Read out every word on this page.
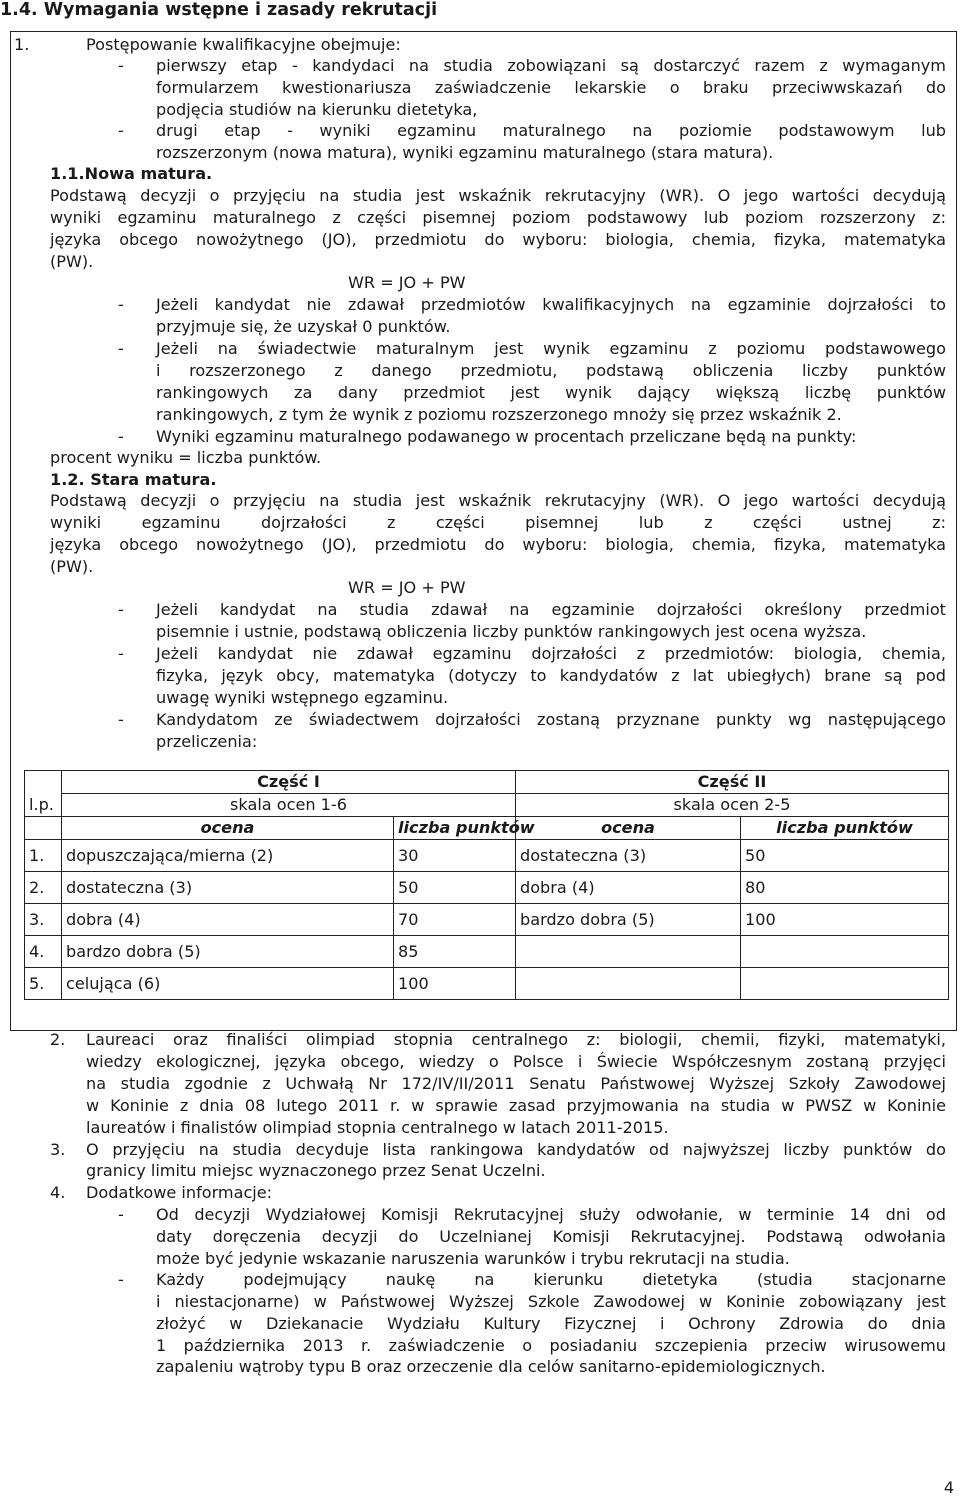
1.4. Wymagania wstępne i zasady rekrutacji
1.	Postępowanie kwalifikacyjne obejmuje:
- pierwszy etap - kandydaci na studia zobowiązani są dostarczyć razem z wymaganym
formularzem kwestionariusza zaświadczenie lekarskie o braku przeciwwskazań do
podjęcia studiów na kierunku dietetyka,
- drugi etap - wyniki egzaminu maturalnego na poziomie podstawowym lub
rozszerzonym (nowa matura), wyniki egzaminu maturalnego (stara matura).
1.1.Nowa matura.
Podstawą decyzji o przyjęciu na studia jest wskaźnik rekrutacyjny (WR). O jego wartości decydują
wyniki egzaminu maturalnego z części pisemnej poziom podstawowy lub poziom rozszerzony z:
języka obcego nowożytnego (JO), przedmiotu do wyboru: biologia, chemia, fizyka, matematyka
(PW).
WR = JO + PW
- Jeżeli kandydat nie zdawał przedmiotów kwalifikacyjnych na egzaminie dojrzałości to
przyjmuje się, że uzyskał 0 punktów.
- Jeżeli na świadectwie maturalnym jest wynik egzaminu z poziomu podstawowego
i rozszerzonego z danego przedmiotu, podstawą obliczenia liczby punktów
rankingowych za dany przedmiot jest wynik dający większą liczbę punktów
rankingowych, z tym że wynik z poziomu rozszerzonego mnoży się przez wskaźnik 2.
- Wyniki egzaminu maturalnego podawanego w procentach przeliczane będą na punkty:
procent wyniku = liczba punktów.
1.2. Stara matura.
Podstawą decyzji o przyjęciu na studia jest wskaźnik rekrutacyjny (WR). O jego wartości decydują
wyniki egzaminu dojrzałości z części pisemnej lub z części ustnej z:
języka obcego nowożytnego (JO), przedmiotu do wyboru: biologia, chemia, fizyka, matematyka
(PW).
WR = JO + PW
- Jeżeli kandydat na studia zdawał na egzaminie dojrzałości określony przedmiot
pisemnie i ustnie, podstawą obliczenia liczby punktów rankingowych jest ocena wyższa.
- Jeżeli kandydat nie zdawał egzaminu dojrzałości z przedmiotów: biologia, chemia,
fizyka, język obcy, matematyka (dotyczy to kandydatów z lat ubiegłych) brane są pod
uwagę wyniki wstępnego egzaminu.
- Kandydatom ze świadectwem dojrzałości zostaną przyznane punkty wg następującego
przeliczenia:
l.p.	Część I		Część II	
	skala ocen 1-6		skala ocen 2-5	
	ocena	liczba punktów	ocena	liczba punktów
1.	dopuszczająca/mierna (2)	30	dostateczna (3)	50
2.	dostateczna (3)	50	dobra (4)	80
3.	dobra (4)	70	bardzo dobra (5)	100
4.	bardzo dobra (5)	85		
5.	celująca (6)	100		
2. Laureaci oraz finaliści olimpiad stopnia centralnego z: biologii, chemii, fizyki, matematyki,
wiedzy ekologicznej, języka obcego, wiedzy o Polsce i Świecie Współczesnym zostaną przyjęci
na studia zgodnie z Uchwałą Nr 172/IV/II/2011 Senatu Państwowej Wyższej Szkoły Zawodowej
w Koninie z dnia 08 lutego 2011 r. w sprawie zasad przyjmowania na studia w PWSZ w Koninie
laureatów i finalistów olimpiad stopnia centralnego w latach 2011-2015.
3. O przyjęciu na studia decyduje lista rankingowa kandydatów od najwyższej liczby punktów do
granicy limitu miejsc wyznaczonego przez Senat Uczelni.
4. Dodatkowe informacje:
- Od decyzji Wydziałowej Komisji Rekrutacyjnej służy odwołanie, w terminie 14 dni od
daty doręczenia decyzji do Uczelnianej Komisji Rekrutacyjnej. Podstawą odwołania
może być jedynie wskazanie naruszenia warunków i trybu rekrutacji na studia.
- Każdy podejmujący naukę na kierunku dietetyka (studia stacjonarne
i niestacjonarne) w Państwowej Wyższej Szkole Zawodowej w Koninie zobowiązany jest
złożyć w Dziekanacie Wydziału Kultury Fizycznej i Ochrony Zdrowia do dnia
1 października 2013 r. zaświadczenie o posiadaniu szczepienia przeciw wirusowemu
zapaleniu wątroby typu B oraz orzeczenie dla celów sanitarno-epidemiologicznych.
4
